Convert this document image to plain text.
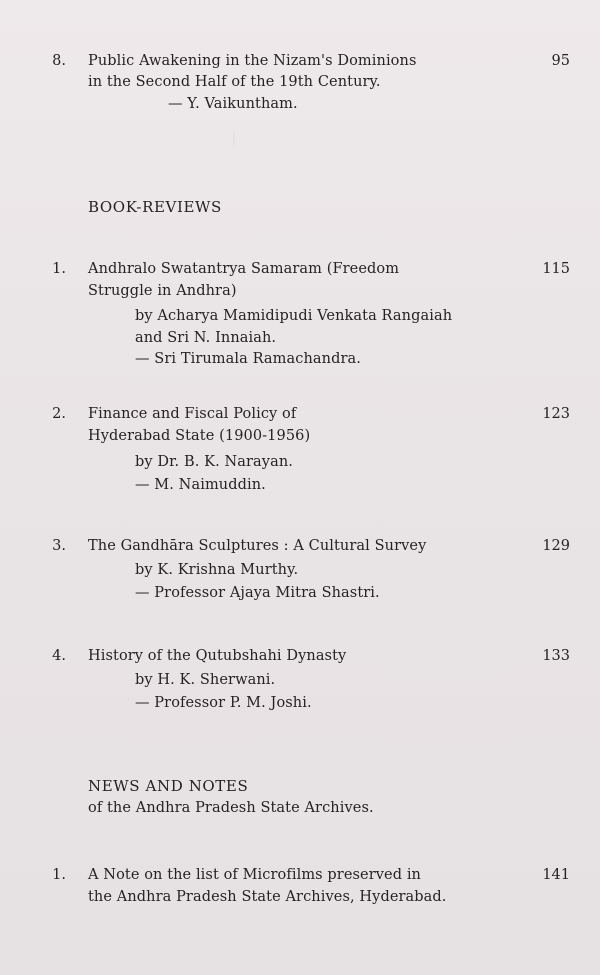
│
8. Public Awakening in the Nizam's Dominions
in the Second Half of the 19th Century.
— Y. Vaikuntham.
95
BOOK-REVIEWS
1. Andhralo Swatantrya Samaram (Freedom
Struggle in Andhra)
by Acharya Mamidipudi Venkata Rangaiah
and Sri N. Innaiah.
— Sri Tirumala Ramachandra.
115
2. Finance and Fiscal Policy of
Hyderabad State (1900-1956)
by Dr. B. K. Narayan.
— M. Naimuddin.
123
3. The Gandhāra Sculptures : A Cultural Survey
by K. Krishna Murthy.
— Professor Ajaya Mitra Shastri.
129
4. History of the Qutubshahi Dynasty
by H. K. Sherwani.
— Professor P. M. Joshi.
133
NEWS AND NOTES
of the Andhra Pradesh State Archives.
1. A Note on the list of Microfilms preserved in
the Andhra Pradesh State Archives, Hyderabad.
141
